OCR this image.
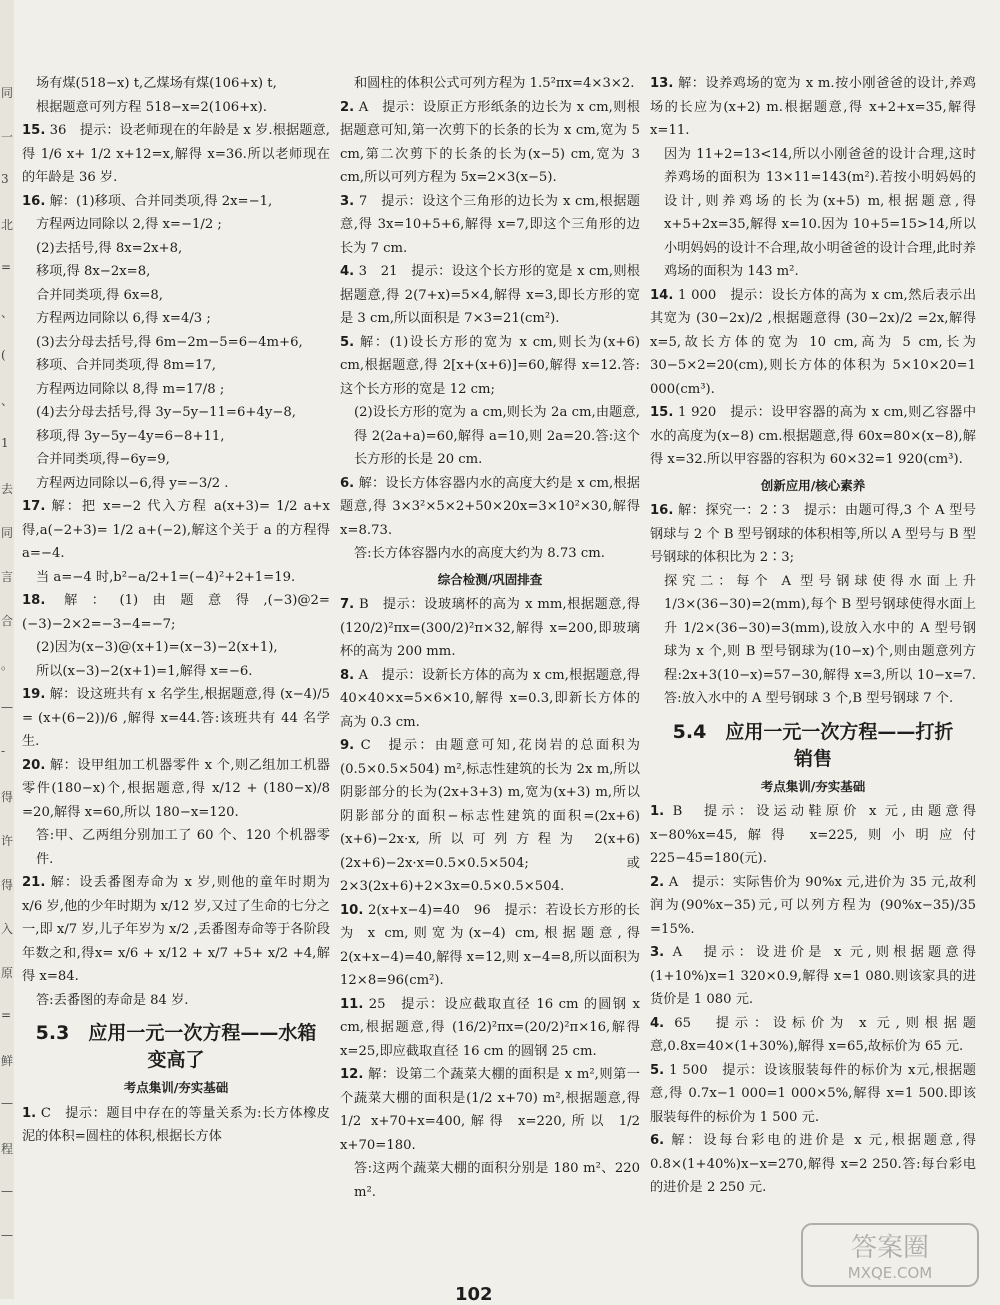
同
一
3
北
=
、
(
、
1
去
同
言
合
。
—
-
得
许
得
入
原
=
鲜
—
程
—
—
场有煤(518−x) t,乙煤场有煤(106+x) t,
根据题意可列方程 518−x=2(106+x).
15. 36　提示：设老师现在的年龄是 x 岁.根据题意,得 1/6 x+ 1/2 x+12=x,解得 x=36.所以老师现在的年龄是 36 岁.
16. 解：(1)移项、合并同类项,得 2x=−1,
方程两边同除以 2,得 x=−1/2 ;
(2)去括号,得 8x=2x+8,
移项,得 8x−2x=8,
合并同类项,得 6x=8,
方程两边同除以 6,得 x=4/3 ;
(3)去分母去括号,得 6m−2m−5=6−4m+6,
移项、合并同类项,得 8m=17,
方程两边同除以 8,得 m=17/8 ;
(4)去分母去括号,得 3y−5y−11=6+4y−8,
移项,得 3y−5y−4y=6−8+11,
合并同类项,得−6y=9,
方程两边同除以−6,得 y=−3/2 .
17. 解：把 x=−2 代入方程 a(x+3)= 1/2 a+x得,a(−2+3)= 1/2 a+(−2),解这个关于 a 的方程得 a=−4.
当 a=−4 时,b²−a/2+1=(−4)²+2+1=19.
18. 解：(1)由题意得,(−3)@2=(−3)−2×2=−3−4=−7;
(2)因为(x−3)@(x+1)=(x−3)−2(x+1),
所以(x−3)−2(x+1)=1,解得 x=−6.
19. 解：设这班共有 x 名学生,根据题意,得 (x−4)/5 = (x+(6−2))/6 ,解得 x=44.答:该班共有 44 名学生.
20. 解：设甲组加工机器零件 x 个,则乙组加工机器零件(180−x)个,根据题意,得 x/12 + (180−x)/8 =20,解得 x=60,所以 180−x=120.
答:甲、乙两组分别加工了 60 个、120 个机器零件.
21. 解：设丢番图寿命为 x 岁,则他的童年时期为 x/6 岁,他的少年时期为 x/12 岁,又过了生命的七分之一,即 x/7 岁,儿子年岁为 x/2 ,丢番图寿命等于各阶段年数之和,得x= x/6 + x/12 + x/7 +5+ x/2 +4,解得 x=84.
答:丢番图的寿命是 84 岁.
5.3　应用一元一次方程——水箱
变高了
考点集训/夯实基础
1. C　提示：题目中存在的等量关系为:长方体橡皮泥的体积=圆柱的体积,根据长方体
和圆柱的体积公式可列方程为 1.5²πx=4×3×2.
2. A　提示：设原正方形纸条的边长为 x cm,则根据题意可知,第一次剪下的长条的长为 x cm,宽为 5 cm,第二次剪下的长条的长为(x−5) cm,宽为 3 cm,所以可列方程为 5x=2×3(x−5).
3. 7　提示：设这个三角形的边长为 x cm,根据题意,得 3x=10+5+6,解得 x=7,即这个三角形的边长为 7 cm.
4. 3　21　提示：设这个长方形的宽是 x cm,则根据题意,得 2(7+x)=5×4,解得 x=3,即长方形的宽是 3 cm,所以面积是 7×3=21(cm²).
5. 解：(1)设长方形的宽为 x cm,则长为(x+6) cm,根据题意,得 2[x+(x+6)]=60,解得 x=12.答:这个长方形的宽是 12 cm;
(2)设长方形的宽为 a cm,则长为 2a cm,由题意,得 2(2a+a)=60,解得 a=10,则 2a=20.答:这个长方形的长是 20 cm.
6. 解：设长方体容器内水的高度大约是 x cm,根据题意,得 3×3²×5×2+50×20x=3×10²×30,解得 x=8.73.
答:长方体容器内水的高度大约为 8.73 cm.
综合检测/巩固排查
7. B　提示：设玻璃杯的高为 x mm,根据题意,得 (120/2)²πx=(300/2)²π×32,解得 x=200,即玻璃杯的高为 200 mm.
8. A　提示：设新长方体的高为 x cm,根据题意,得 40×40×x=5×6×10,解得 x=0.3,即新长方体的高为 0.3 cm.
9. C　提示：由题意可知,花岗岩的总面积为(0.5×0.5×504) m²,标志性建筑的长为 2x m,所以阴影部分的长为(2x+3+3) m,宽为(x+3) m,所以阴影部分的面积−标志性建筑的面积=(2x+6)(x+6)−2x·x,所以可列方程为 2(x+6)(2x+6)−2x·x=0.5×0.5×504;或 2×3(2x+6)+2×3x=0.5×0.5×504.
10. 2(x+x−4)=40　96　提示：若设长方形的长为 x cm,则宽为(x−4) cm,根据题意,得 2(x+x−4)=40,解得 x=12,则 x−4=8,所以面积为 12×8=96(cm²).
11. 25　提示：设应截取直径 16 cm 的圆钢 x cm,根据题意,得 (16/2)²πx=(20/2)²π×16,解得 x=25,即应截取直径 16 cm 的圆钢 25 cm.
12. 解：设第二个蔬菜大棚的面积是 x m²,则第一个蔬菜大棚的面积是(1/2 x+70) m²,根据题意,得 1/2 x+70+x=400,解得 x=220,所以 1/2 x+70=180.
答:这两个蔬菜大棚的面积分别是 180 m²、220 m².
13. 解：设养鸡场的宽为 x m.按小刚爸爸的设计,养鸡场的长应为(x+2) m.根据题意,得 x+2+x=35,解得 x=11.
因为 11+2=13<14,所以小刚爸爸的设计合理,这时养鸡场的面积为 13×11=143(m²).若按小明妈妈的设计,则养鸡场的长为(x+5) m,根据题意,得 x+5+2x=35,解得 x=10.因为 10+5=15>14,所以小明妈妈的设计不合理,故小明爸爸的设计合理,此时养鸡场的面积为 143 m².
14. 1 000　提示：设长方体的高为 x cm,然后表示出其宽为 (30−2x)/2 ,根据题意得 (30−2x)/2 =2x,解得 x=5,故长方体的宽为 10 cm,高为 5 cm,长为 30−5×2=20(cm),则长方体的体积为 5×10×20=1 000(cm³).
15. 1 920　提示：设甲容器的高为 x cm,则乙容器中水的高度为(x−8) cm.根据题意,得 60x=80×(x−8),解得 x=32.所以甲容器的容积为 60×32=1 920(cm³).
创新应用/核心素养
16. 解：探究一：2∶3　提示：由题可得,3 个 A 型号钢球与 2 个 B 型号钢球的体积相等,所以 A 型号与 B 型号钢球的体积比为 2∶3;
探究二：每个 A 型号钢球使得水面上升 1/3×(36−30)=2(mm),每个 B 型号钢球使得水面上升 1/2×(36−30)=3(mm),设放入水中的 A 型号钢球为 x 个,则 B 型号钢球为(10−x)个,则由题意列方程:2x+3(10−x)=57−30,解得 x=3,所以 10−x=7.答:放入水中的 A 型号钢球 3 个,B 型号钢球 7 个.
5.4　应用一元一次方程——打折
销售
考点集训/夯实基础
1. B　提示：设运动鞋原价 x 元,由题意得 x−80%x=45,解得 x=225,则小明应付 225−45=180(元).
2. A　提示：实际售价为 90%x 元,进价为 35 元,故利润为(90%x−35)元,可以列方程为 (90%x−35)/35 =15%.
3. A　提示：设进价是 x 元,则根据题意得(1+10%)x=1 320×0.9,解得 x=1 080.则该家具的进货价是 1 080 元.
4. 65　提示：设标价为 x 元,则根据题意,0.8x=40×(1+30%),解得 x=65,故标价为 65 元.
5. 1 500　提示：设该服装每件的标价为 x元,根据题意,得 0.7x−1 000=1 000×5%,解得 x=1 500.即该服装每件的标价为 1 500 元.
6. 解：设每台彩电的进价是 x 元,根据题意,得 0.8×(1+40%)x−x=270,解得 x=2 250.答:每台彩电的进价是 2 250 元.
102
答案圈
MXQE.COM
